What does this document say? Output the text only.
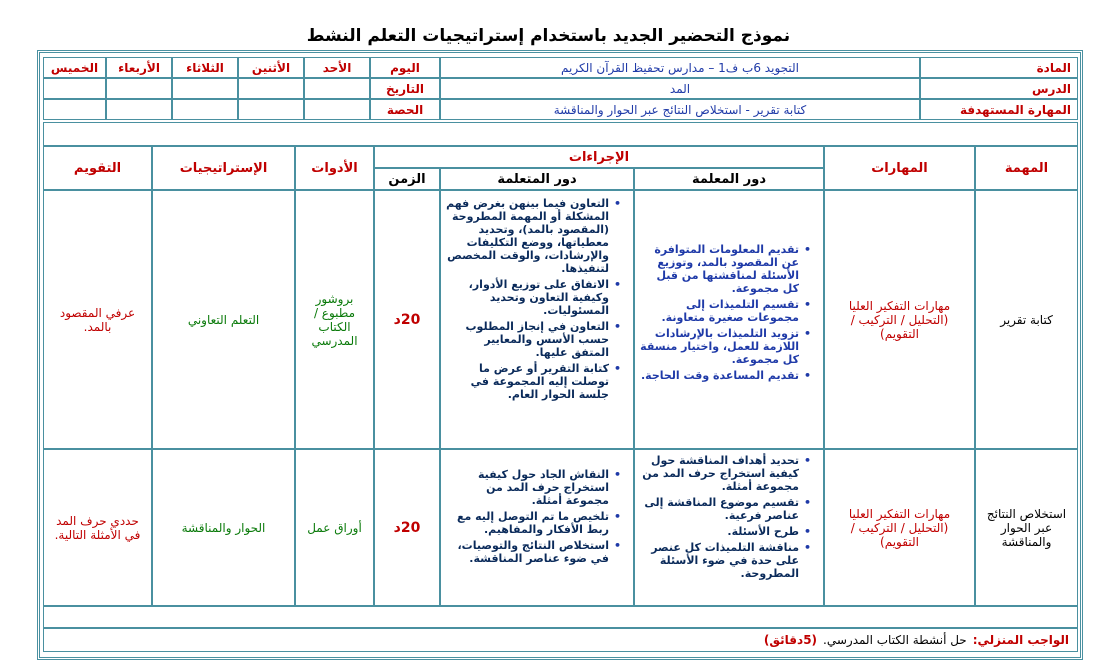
نموذج التحضير الجديد باستخدام إستراتيجيات التعلم النشط
المادة
التجويد 6ب ف1 – مدارس تحفيظ القرآن الكريم
الدرس
المد
المهارة المستهدفة
كتابة تقرير - استخلاص النتائج عبر الحوار والمناقشة
اليوم
التاريخ
الحصة
الأحد
الأثنين
الثلاثاء
الأربعاء
الخميس
المهمة
المهارات
الإجراءات
دور المعلمة
دور المتعلمة
الزمن
الأدوات
الإستراتيجيات
التقويم
كتابة تقرير
مهارات التفكير العليا (التحليل / التركيب / التقويم)
• تقديم المعلومات المتوافرة عن المقصود بالمد، وتوزيع الأسئلة لمناقشتها من قبل كل مجموعة.
• تقسيم التلميذات إلى مجموعات صغيرة متعاونة.
• تزويد التلميذات بالإرشادات اللازمة للعمل، واختيار منسقة كل مجموعة.
• تقديم المساعدة وقت الحاجة.
• التعاون فيما بينهن بغرض فهم المشكلة أو المهمة المطروحة (المقصود بالمد)، وتحديد معطياتها، ووضع التكليفات والإرشادات، والوقت المخصص لتنفيذها.
• الاتفاق على توزيع الأدوار، وكيفية التعاون وتحديد المسئوليات.
• التعاون في إنجاز المطلوب حسب الأسس والمعايير المتفق عليها.
• كتابة التقرير أو عرض ما توصلت إليه المجموعة في جلسة الحوار العام.
20د
بروشور مطبوع / الكتاب المدرسي
التعلم التعاوني
عرفي المقصود بالمد.
استخلاص النتائج عبر الحوار والمناقشة
مهارات التفكير العليا (التحليل / التركيب / التقويم)
• تحديد أهداف المناقشة حول كيفية استخراج حرف المد من مجموعة أمثلة.
• تقسيم موضوع المناقشة إلى عناصر فرعية.
• طرح الأسئلة.
• مناقشة التلميذات كل عنصر على حدة في ضوء الأسئلة المطروحة.
• النقاش الجاد حول كيفية استخراج حرف المد من مجموعة أمثلة.
• تلخيص ما تم التوصل إليه مع ربط الأفكار والمفاهيم.
• استخلاص النتائج والتوصيات، في ضوء عناصر المناقشة.
20د
أوراق عمل
الحوار والمناقشة
حددي حرف المد في الأمثلة التالية.
الواجب المنزلي:
حل أنشطة الكتاب المدرسي.
(5دقائق)
